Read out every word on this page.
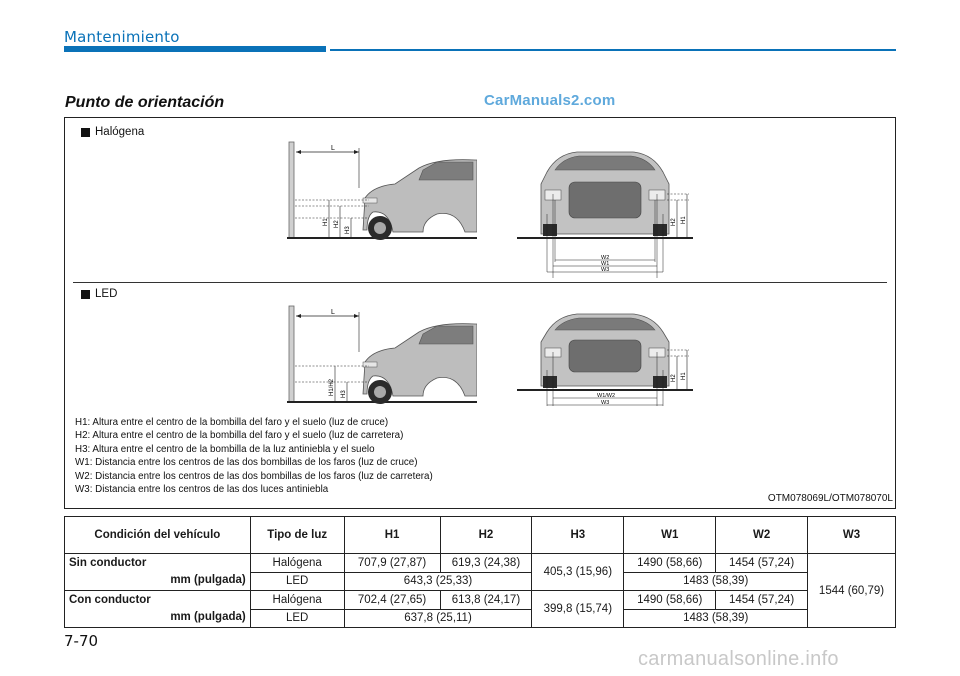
Mantenimiento
Punto de orientación	CarManuals2.com
Halógena
L
H1 H2
H3
W2
W1
W3
H2 H1
LED
L
H1/H2 H3	W1/W2
W3
H2 H1
H1: Altura entre el centro de la bombilla del faro y el suelo (luz de cruce)
H2: Altura entre el centro de la bombilla del faro y el suelo (luz de carretera)
H3: Altura entre el centro de la bombilla de la luz antiniebla y el suelo
W1: Distancia entre los centros de las dos bombillas de los faros (luz de cruce)
W2: Distancia entre los centros de las dos bombillas de los faros (luz de carretera)
W3: Distancia entre los centros de las dos luces antiniebla
OTM078069L/OTM078070L
Condición del vehículo	Tipo de luz	H1	H2	H3	W1	W2	W3
Sin conductor
mm (pulgada)	Halógena	707,9 (27,87)	619,3 (24,38)	405,3 (15,96)	1490 (58,66)	1454 (57,24)	1544 (60,79)
	LED	643,3 (25,33)			1483 (58,39)		
Con conductor
mm (pulgada)	Halógena	702,4 (27,65)	613,8 (24,17)	399,8 (15,74)	1490 (58,66)	1454 (57,24)	
	LED	637,8 (25,11)			1483 (58,39)		
7-70
carmanualsonline.info
